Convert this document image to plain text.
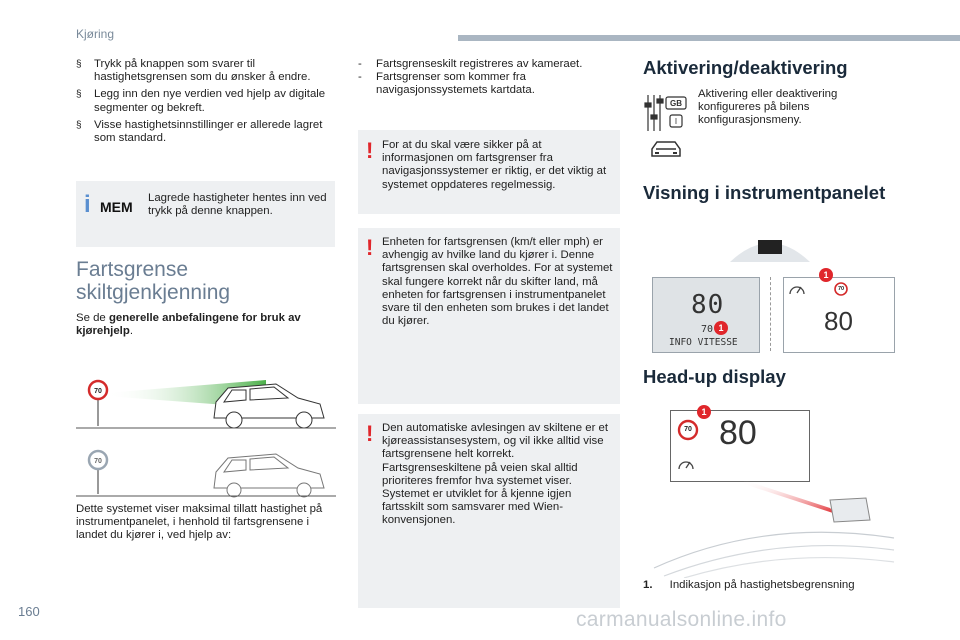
Kjøring
§ Trykk på knappen som svarer til hastighetsgrensen som du ønsker å endre.
§ Legg inn den nye verdien ved hjelp av digitale segmenter og bekreft.
§ Visse hastighetsinnstillinger er allerede lagret som standard.
i MEM
Lagrede hastigheter hentes inn ved trykk på denne knappen.
Fartsgrense
skiltgjenkjenning
Se de generelle anbefalingene for bruk av kjørehjelp.
70
70
Dette systemet viser maksimal tillatt hastighet på instrumentpanelet, i henhold til fartsgrensene i landet du kjører i, ved hjelp av:
- Fartsgrenseskilt registreres av kameraet.
- Fartsgrenser som kommer fra navigasjonssystemets kartdata.
! For at du skal være sikker på at informasjonen om fartsgrenser fra navigasjonssystemer er riktig, er det viktig at systemet oppdateres regelmessig.
! Enheten for fartsgrensen (km/t eller mph) er avhengig av hvilke land du kjører i. Denne fartsgrensen skal overholdes. For at systemet skal fungere korrekt når du skifter land, må enheten for fartsgrensen i instrumentpanelet svare til den enheten som brukes i det landet du kjører.
! Den automatiske avlesingen av skiltene er et kjøreassistansesystem, og vil ikke alltid vise fartsgrensene helt korrekt. Fartsgrenseskiltene på veien skal alltid prioriteres fremfor hva systemet viser. Systemet er utviklet for å kjenne igjen fartsskilt som samsvarer med Wien-konvensjonen.
Aktivering/deaktivering
GB
I
Aktivering eller deaktivering konfigureres på bilens konfigurasjonsmeny.
Visning i instrumentpanelet
80
70
INFO VITESSE
1
70
80
1
Head-up display
70 80
1
1. Indikasjon på hastighetsbegrensning
160	carmanualsonline.info
